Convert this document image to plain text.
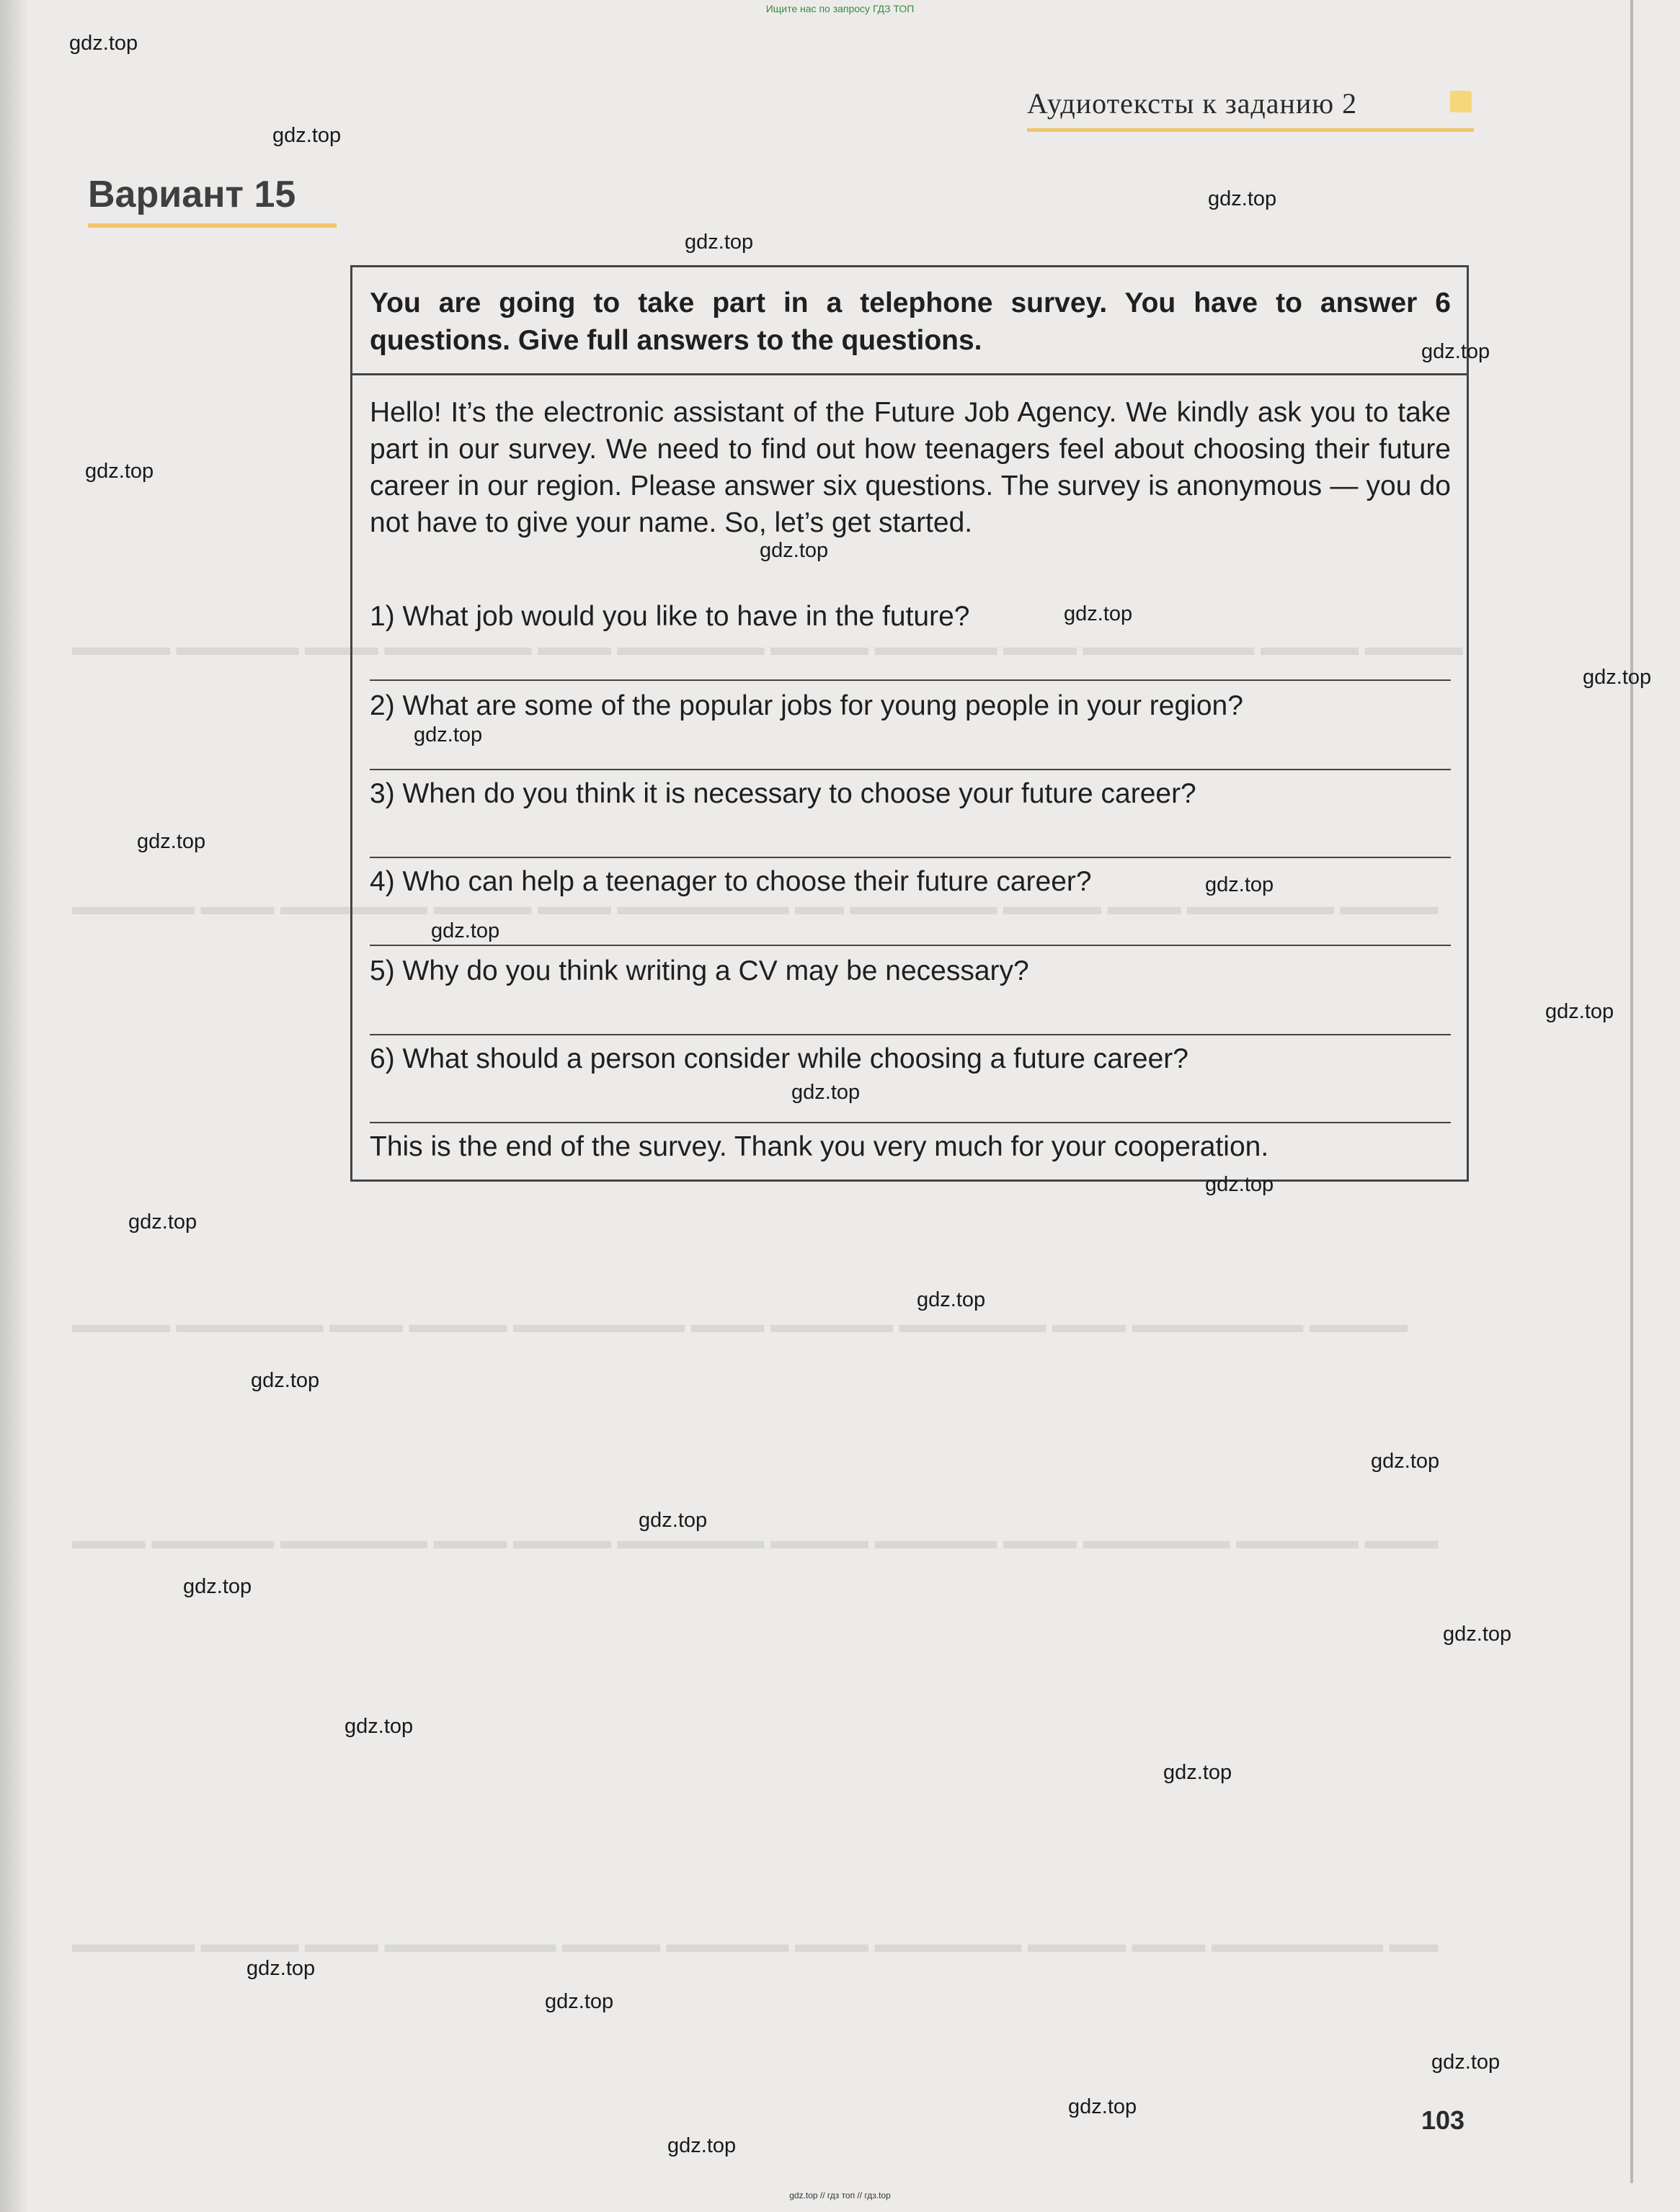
▬▬▬▬ ▬▬▬▬▬ ▬▬▬ ▬▬▬▬▬▬ ▬▬▬ ▬▬▬▬▬▬ ▬▬▬▬ ▬▬▬▬▬ ▬▬▬ ▬▬▬▬▬▬▬ ▬▬▬▬ ▬▬▬▬
▬▬▬▬▬ ▬▬▬ ▬▬▬▬▬▬ ▬▬▬▬ ▬▬▬ ▬▬▬▬▬▬▬ ▬▬ ▬▬▬▬▬▬ ▬▬▬▬ ▬▬▬ ▬▬▬▬▬▬ ▬▬▬▬
▬▬▬▬ ▬▬▬▬▬▬ ▬▬▬ ▬▬▬▬ ▬▬▬▬▬▬▬ ▬▬▬ ▬▬▬▬▬ ▬▬▬▬▬▬ ▬▬▬ ▬▬▬▬▬▬▬ ▬▬▬▬
▬▬▬ ▬▬▬▬▬ ▬▬▬▬▬▬ ▬▬▬ ▬▬▬▬ ▬▬▬▬▬▬ ▬▬▬▬ ▬▬▬▬▬ ▬▬▬ ▬▬▬▬▬▬ ▬▬▬▬▬ ▬▬▬
▬▬▬▬▬ ▬▬▬▬ ▬▬▬ ▬▬▬▬▬▬▬ ▬▬▬▬ ▬▬▬▬▬ ▬▬▬ ▬▬▬▬▬▬ ▬▬▬▬ ▬▬▬ ▬▬▬▬▬▬▬ ▬▬
Ищите нас по запросу ГДЗ ТОП
Аудиотексты к заданию 2
Вариант 15
You are going to take part in a telephone survey. You have to answer 6 questions. Give full answers to the questions.
Hello! It’s the electronic assistant of the Future Job Agency. We kindly ask you to take part in our survey. We need to find out how teenagers feel about choosing their future career in our region. Please answer six questions. The survey is anonymous — you do not have to give your name. So, let’s get started.
1) What job would you like to have in the future?
2) What are some of the popular jobs for young people in your region?
3) When do you think it is necessary to choose your future career?
4) Who can help a teenager to choose their future career?
5) Why do you think writing a CV may be necessary?
6) What should a person consider while choosing a future career?
This is the end of the survey. Thank you very much for your cooperation.
103
gdz.top
gdz.top
gdz.top
gdz.top
gdz.top
gdz.top
gdz.top
gdz.top
gdz.top
gdz.top
gdz.top
gdz.top
gdz.top
gdz.top
gdz.top
gdz.top
gdz.top
gdz.top
gdz.top
gdz.top
gdz.top
gdz.top
gdz.top
gdz.top
gdz.top
gdz.top
gdz.top
gdz.top
gdz.top
gdz.top
gdz.top // гдз топ // гдз.top
